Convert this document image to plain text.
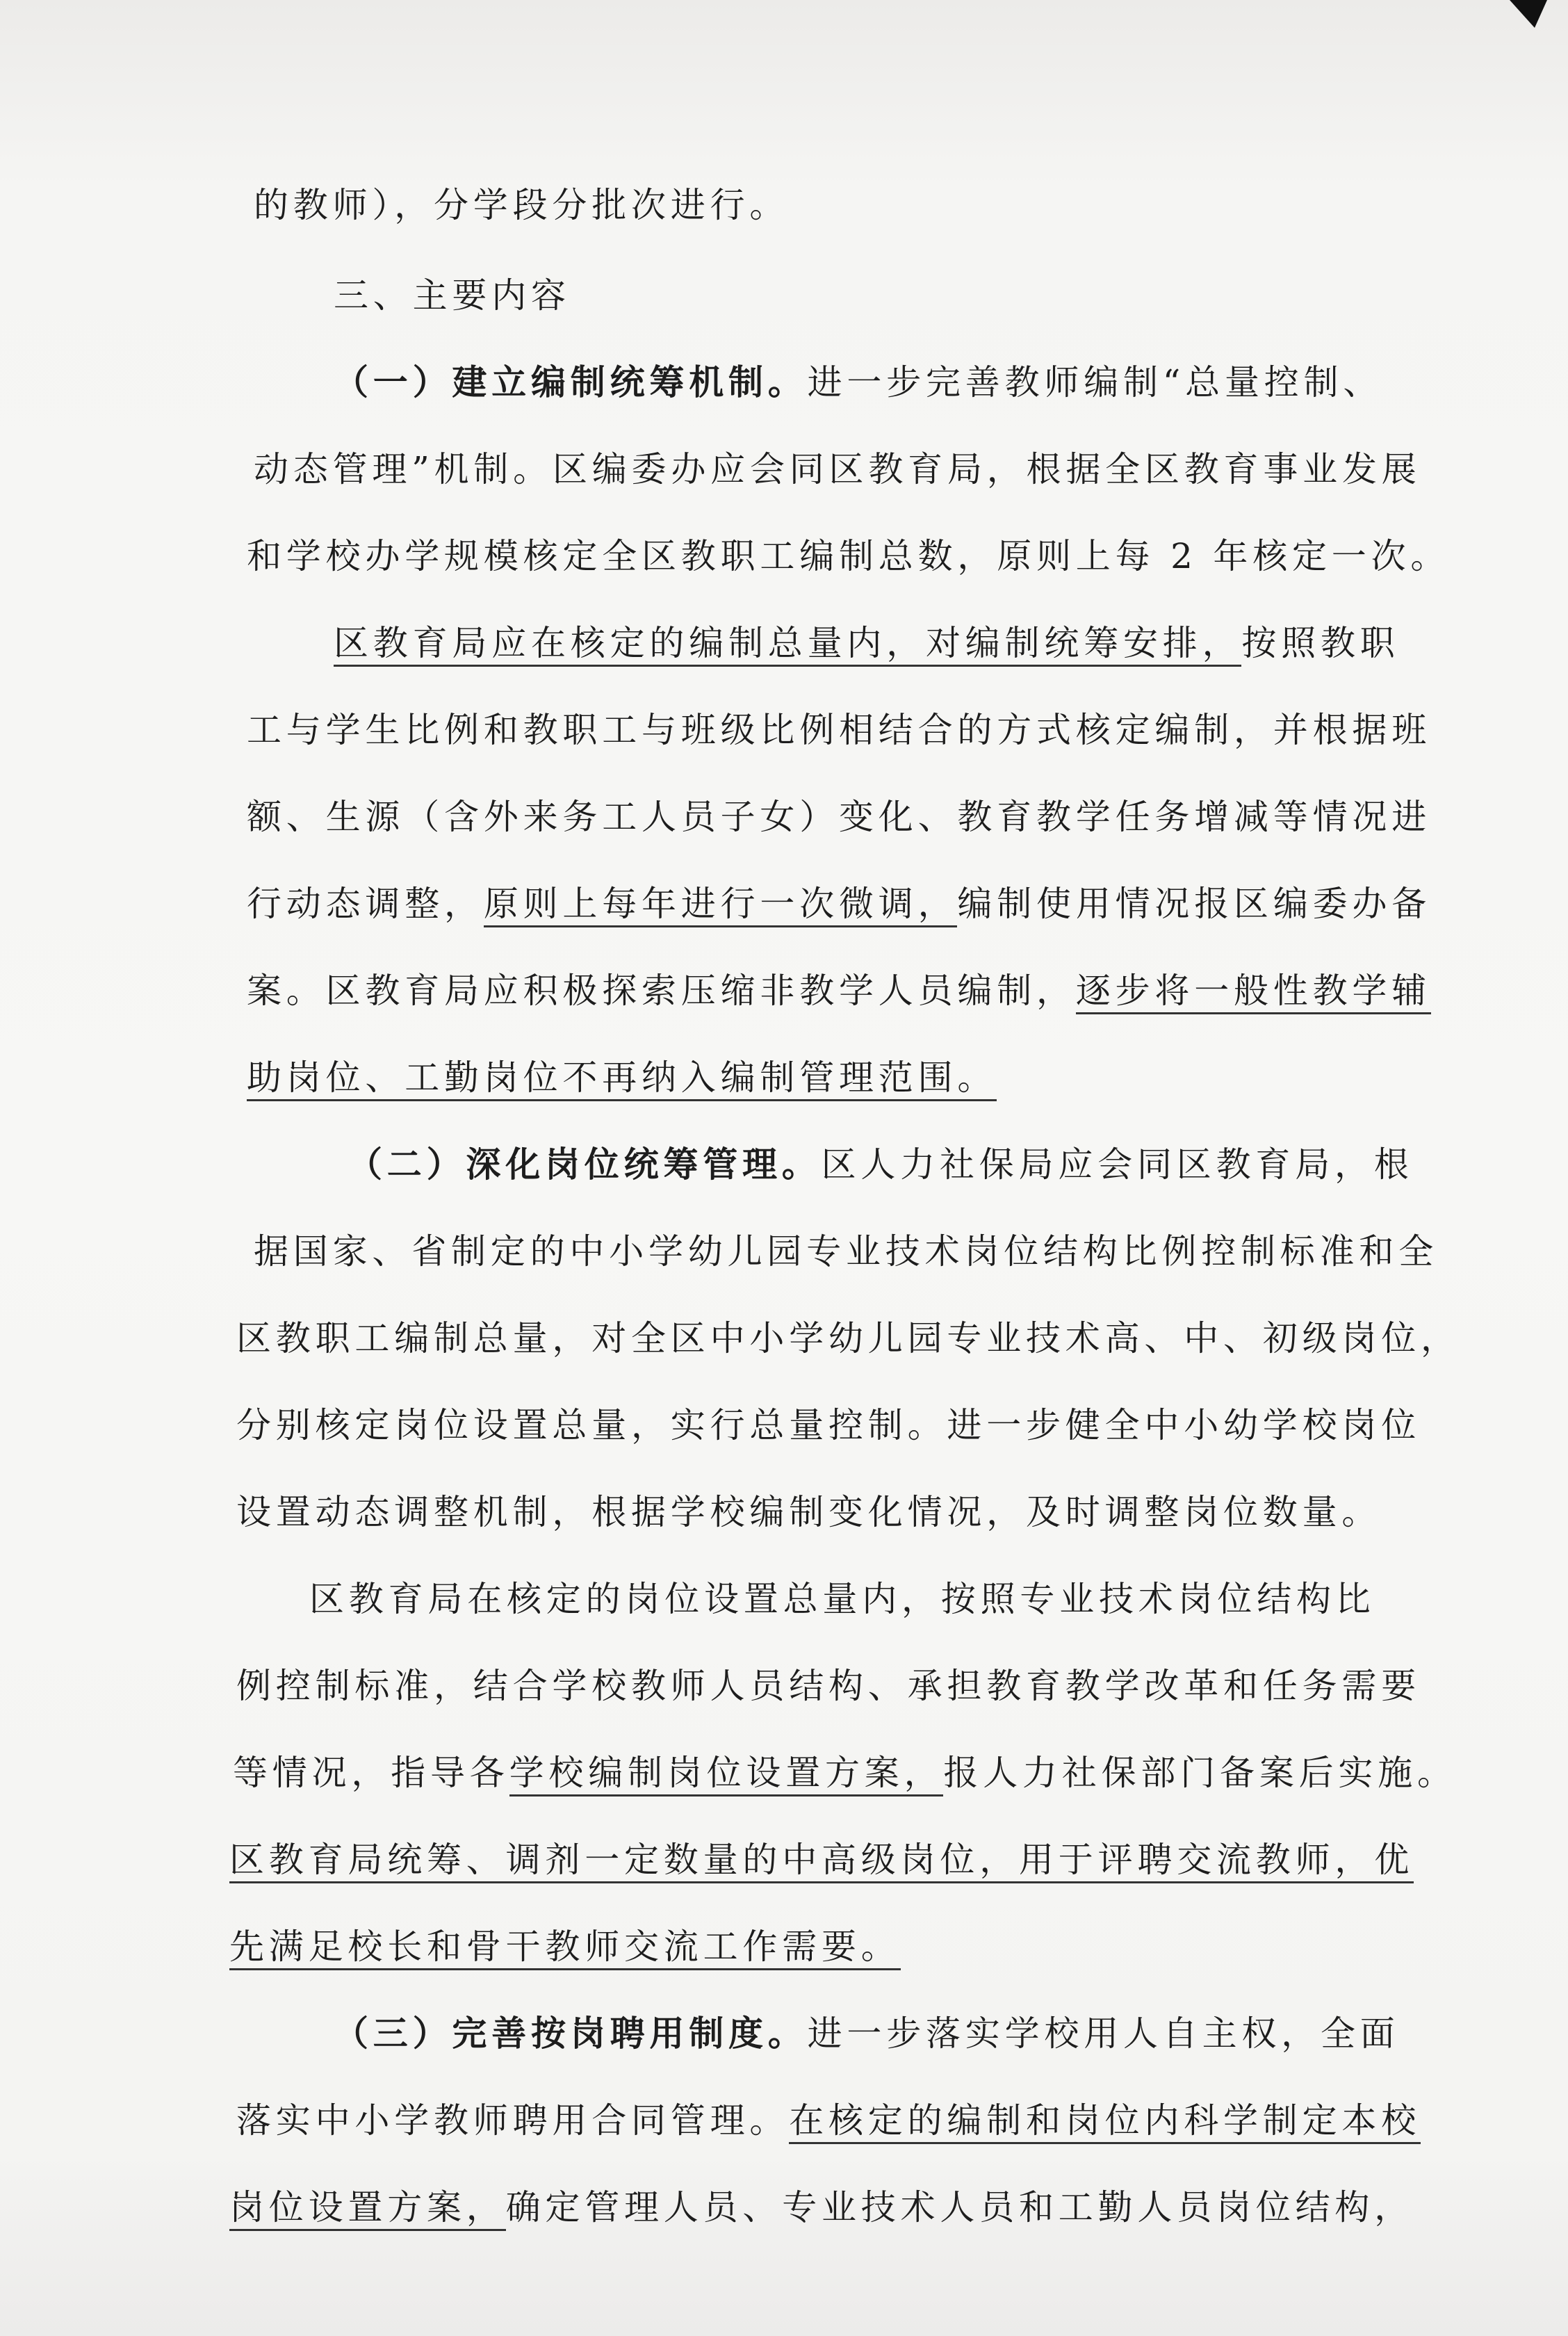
的教师），分学段分批次进行。
三、主要内容
（一）建立编制统筹机制。进一步完善教师编制“总量控制、
动态管理”机制。区编委办应会同区教育局，根据全区教育事业发展
和学校办学规模核定全区教职工编制总数，原则上每 2 年核定一次。
区教育局应在核定的编制总量内，对编制统筹安排，按照教职
工与学生比例和教职工与班级比例相结合的方式核定编制，并根据班
额、生源（含外来务工人员子女）变化、教育教学任务增减等情况进
行动态调整，原则上每年进行一次微调，编制使用情况报区编委办备
案。区教育局应积极探索压缩非教学人员编制，逐步将一般性教学辅
助岗位、工勤岗位不再纳入编制管理范围。
（二）深化岗位统筹管理。区人力社保局应会同区教育局，根
据国家、省制定的中小学幼儿园专业技术岗位结构比例控制标准和全
区教职工编制总量，对全区中小学幼儿园专业技术高、中、初级岗位，
分别核定岗位设置总量，实行总量控制。进一步健全中小幼学校岗位
设置动态调整机制，根据学校编制变化情况，及时调整岗位数量。
区教育局在核定的岗位设置总量内，按照专业技术岗位结构比
例控制标准，结合学校教师人员结构、承担教育教学改革和任务需要
等情况，指导各学校编制岗位设置方案，报人力社保部门备案后实施。
区教育局统筹、调剂一定数量的中高级岗位，用于评聘交流教师，优
先满足校长和骨干教师交流工作需要。
（三）完善按岗聘用制度。进一步落实学校用人自主权，全面
落实中小学教师聘用合同管理。在核定的编制和岗位内科学制定本校
岗位设置方案，确定管理人员、专业技术人员和工勤人员岗位结构，
